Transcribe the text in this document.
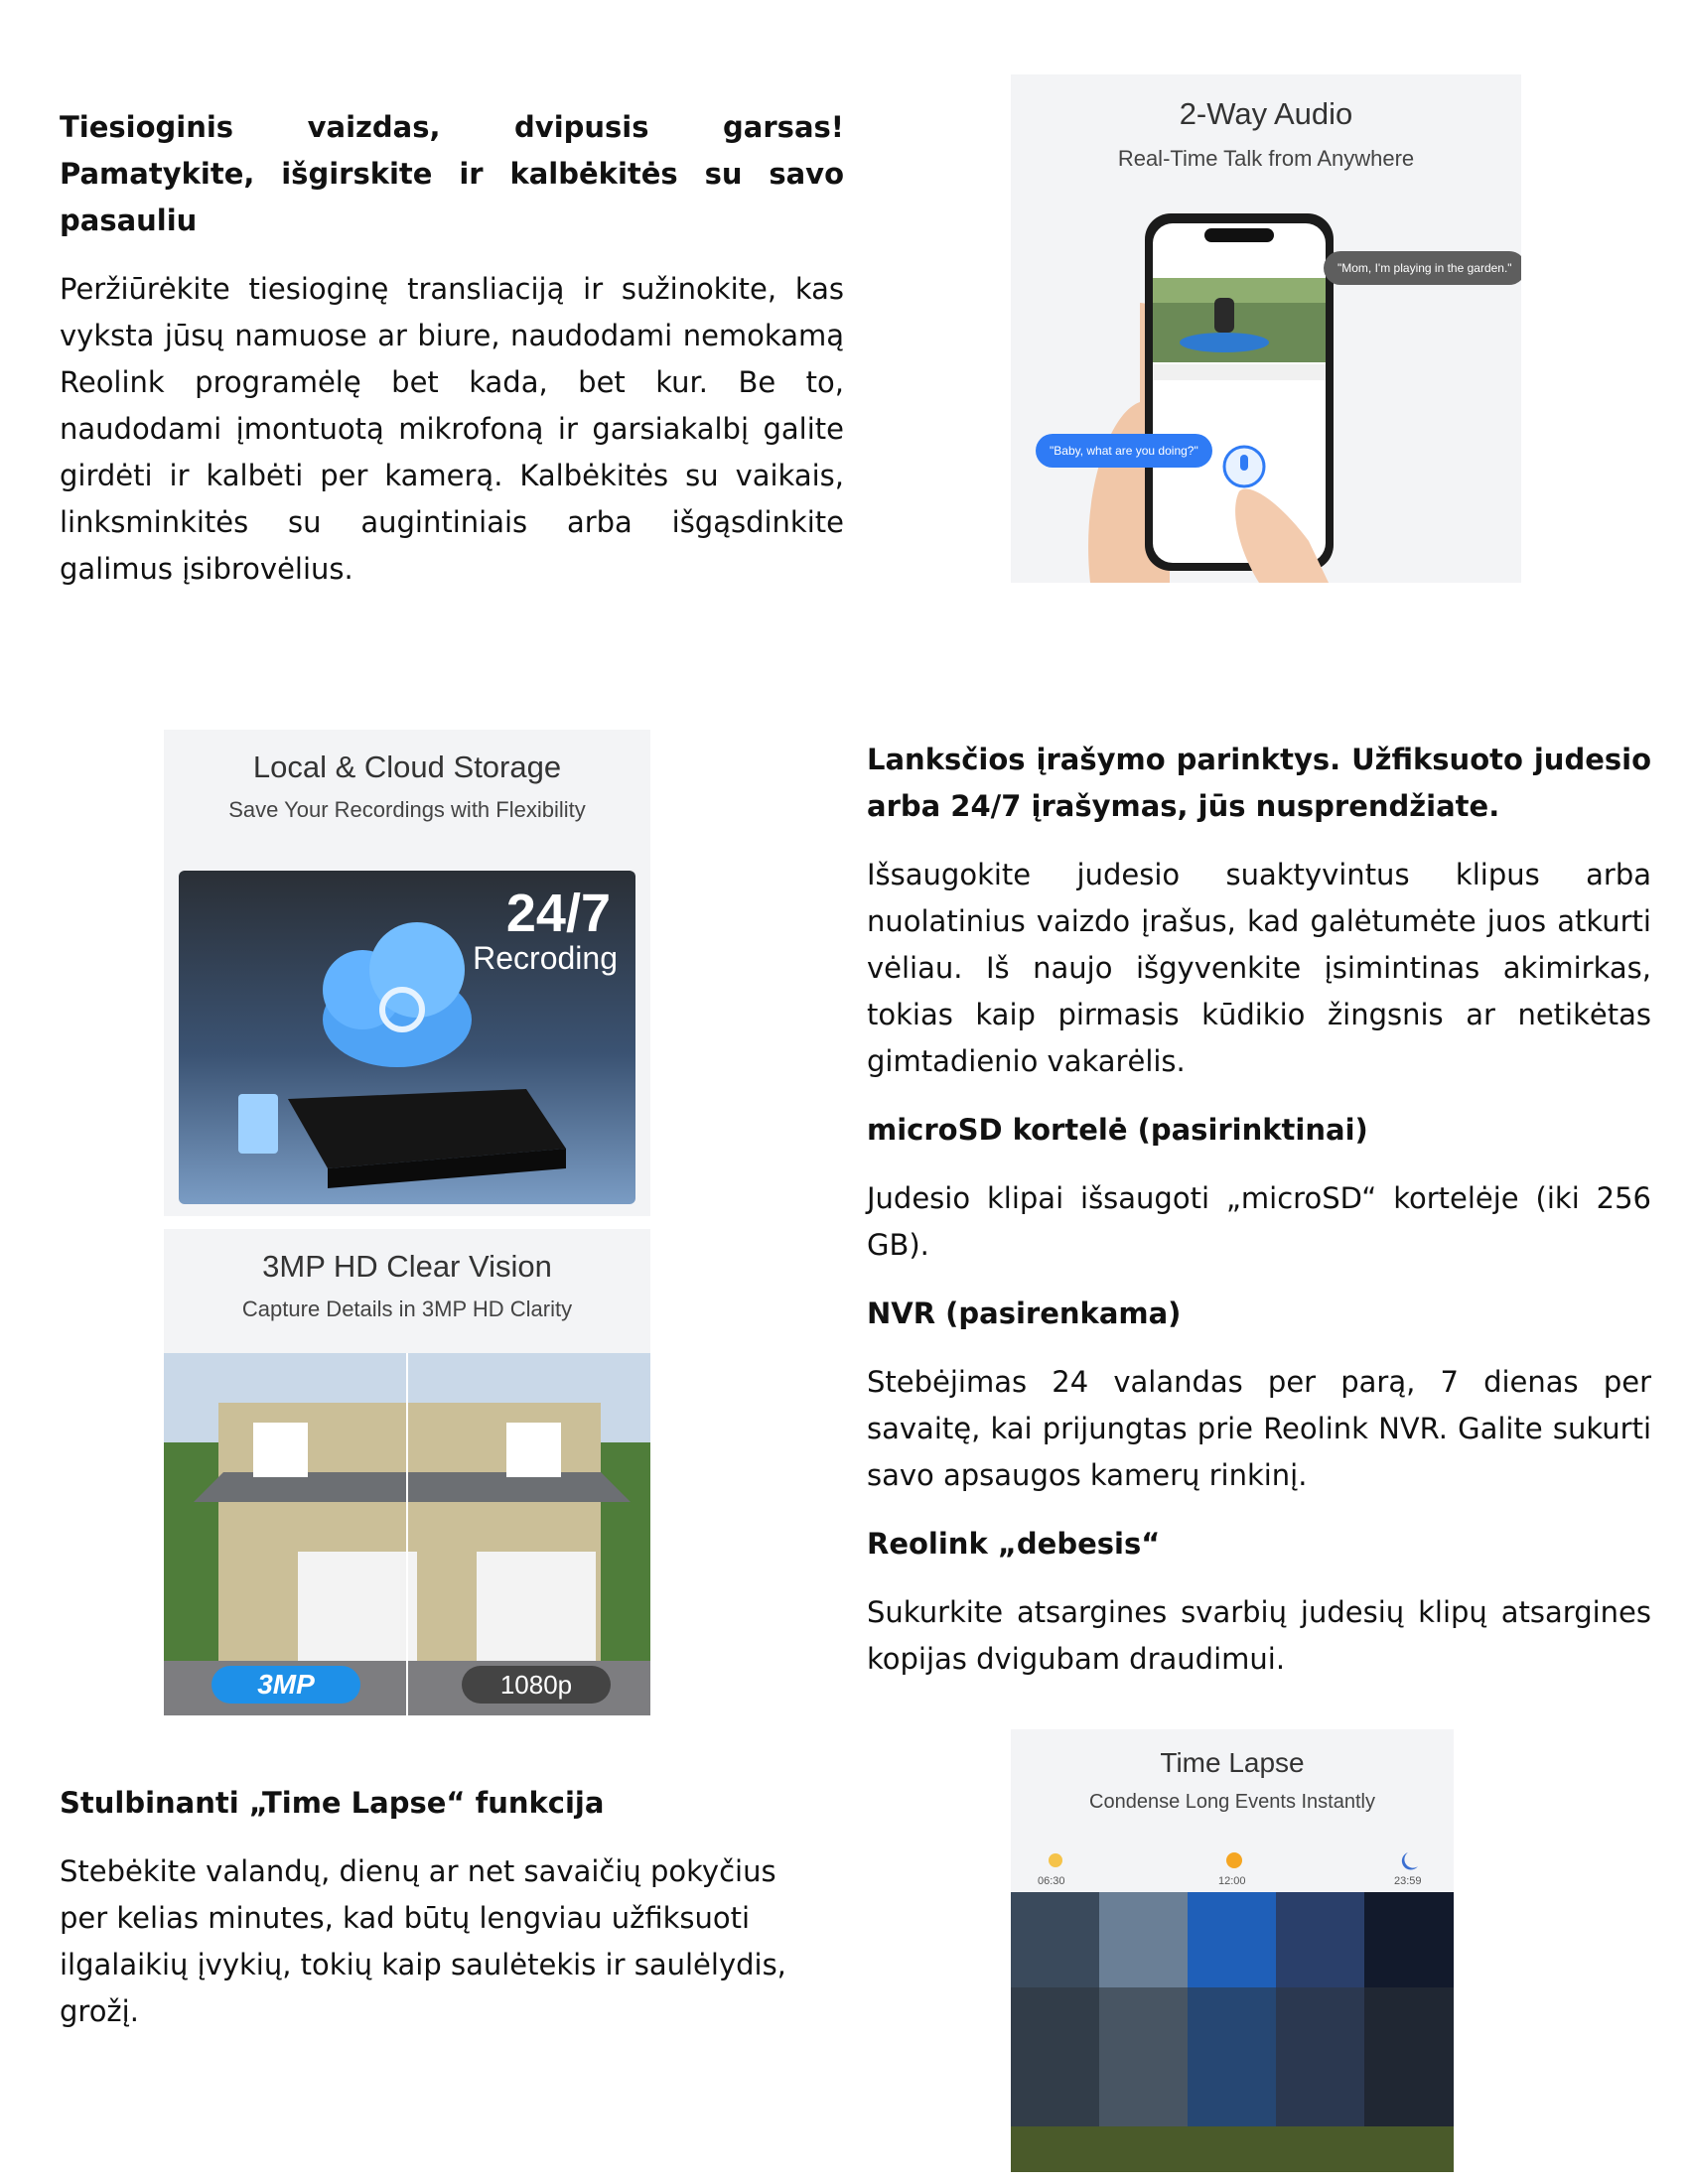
Tiesioginis vaizdas, dvipusis garsas! Pamatykite, išgirskite ir kalbėkitės su savo pasauliu

Peržiūrėkite tiesioginę transliaciją ir sužinokite, kas vyksta jūsų namuose ar biure, naudodami nemokamą Reolink programėlę bet kada, bet kur. Be to, naudodami įmontuotą mikrofoną ir garsiakalbį galite girdėti ir kalbėti per kamerą. Kalbėkitės su vaikais, linksminkitės su augintiniais arba išgąsdinkite galimus įsibrovėlius.

2-Way Audio
Real-Time Talk from Anywhere
"Mom, I'm playing in the garden."
"Baby, what are you doing?"
Local & Cloud Storage
Save Your Recordings with Flexibility
24/7
Recroding
3MP HD Clear Vision
Capture Details in 3MP HD Clarity
3MP	1080p

Lanksčios įrašymo parinktys. Užfiksuoto judesio arba 24/7 įrašymas, jūs nusprendžiate.

Išsaugokite judesio suaktyvintus klipus arba nuolatinius vaizdo įrašus, kad galėtumėte juos atkurti vėliau. Iš naujo išgyvenkite įsimintinas akimirkas, tokias kaip pirmasis kūdikio žingsnis ar netikėtas gimtadienio vakarėlis.

microSD kortelė (pasirinktinai)

Judesio klipai išsaugoti „microSD“ kortelėje (iki 256 GB).

NVR (pasirenkama)

Stebėjimas 24 valandas per parą, 7 dienas per savaitę, kai prijungtas prie Reolink NVR. Galite sukurti savo apsaugos kamerų rinkinį.

Reolink „debesis“

Sukurkite atsargines svarbių judesių klipų atsargines kopijas dvigubam draudimui.

Stulbinanti „Time Lapse“ funkcija

Stebėkite valandų, dienų ar net savaičių pokyčius per kelias minutes, kad būtų lengviau užfiksuoti ilgalaikių įvykių, tokių kaip saulėtekis ir saulėlydis, grožį.

Time Lapse
Condense Long Events Instantly
06:30	12:00	23:59
